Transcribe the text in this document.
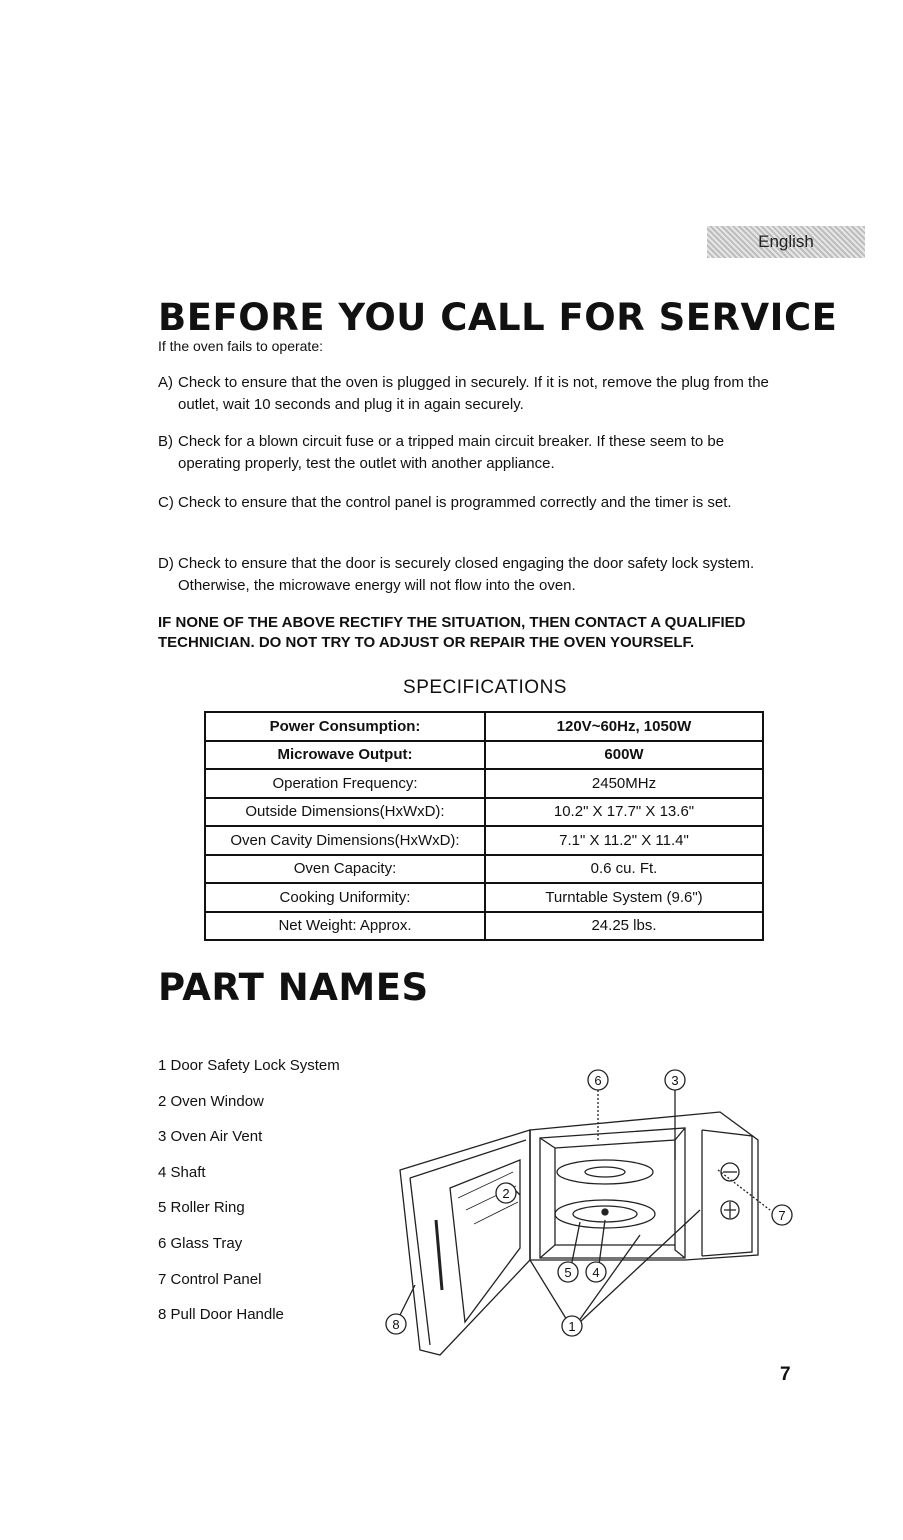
English
BEFORE YOU CALL FOR SERVICE
If the oven fails to operate:
A) Check to ensure that the oven is plugged in securely. If it is not, remove the plug from the outlet, wait 10 seconds and plug it in again securely.
B) Check for a blown circuit fuse or a tripped main circuit breaker. If these seem to be operating properly, test the outlet with another appliance.
C) Check to ensure that the control panel is programmed correctly and the timer is set.
D) Check to ensure that the door is securely closed engaging the door safety lock system. Otherwise, the microwave energy will not flow into the oven.
IF NONE OF THE ABOVE RECTIFY THE SITUATION, THEN CONTACT A QUALIFIED TECHNICIAN. DO NOT TRY TO ADJUST OR REPAIR THE OVEN YOURSELF.
SPECIFICATIONS
Power Consumption:	120V~60Hz, 1050W
Microwave Output:	600W
Operation Frequency:	2450MHz
Outside Dimensions(HxWxD):	10.2" X 17.7" X 13.6"
Oven Cavity Dimensions(HxWxD):	7.1" X 11.2" X 11.4"
Oven Capacity:	0.6 cu. Ft.
Cooking Uniformity:	Turntable System (9.6")
Net Weight: Approx.	24.25 lbs.
PART NAMES
1 Door Safety Lock System
2 Oven Window
3 Oven Air Vent
4 Shaft
5 Roller Ring
6 Glass Tray
7 Control Panel
8 Pull Door Handle
6	3
2
7
5 4
1
8
7
